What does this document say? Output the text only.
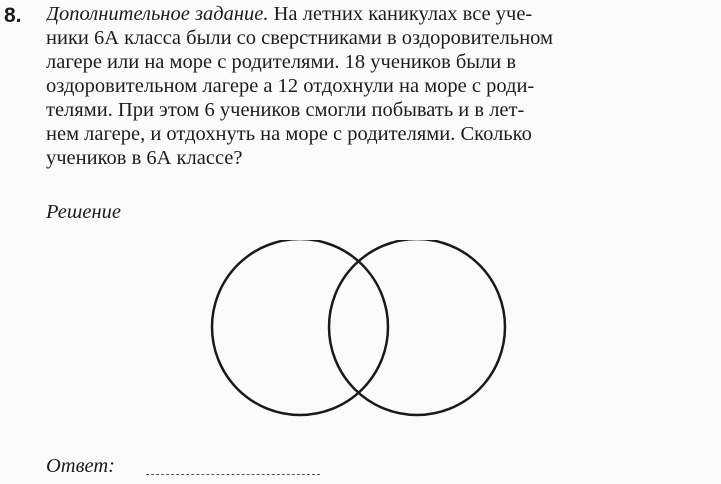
8. Дополнительное задание. На летних каникулах все уче-
ники 6А класса были со сверстниками в оздоровительном
лагере или на море с родителями. 18 учеников были в
оздоровительном лагере а 12 отдохнули на море с роди-
телями. При этом 6 учеников смогли побывать и в лет-
нем лагере, и отдохнуть на море с родителями. Сколько
учеников в 6А классе?
Решение
Ответ:
